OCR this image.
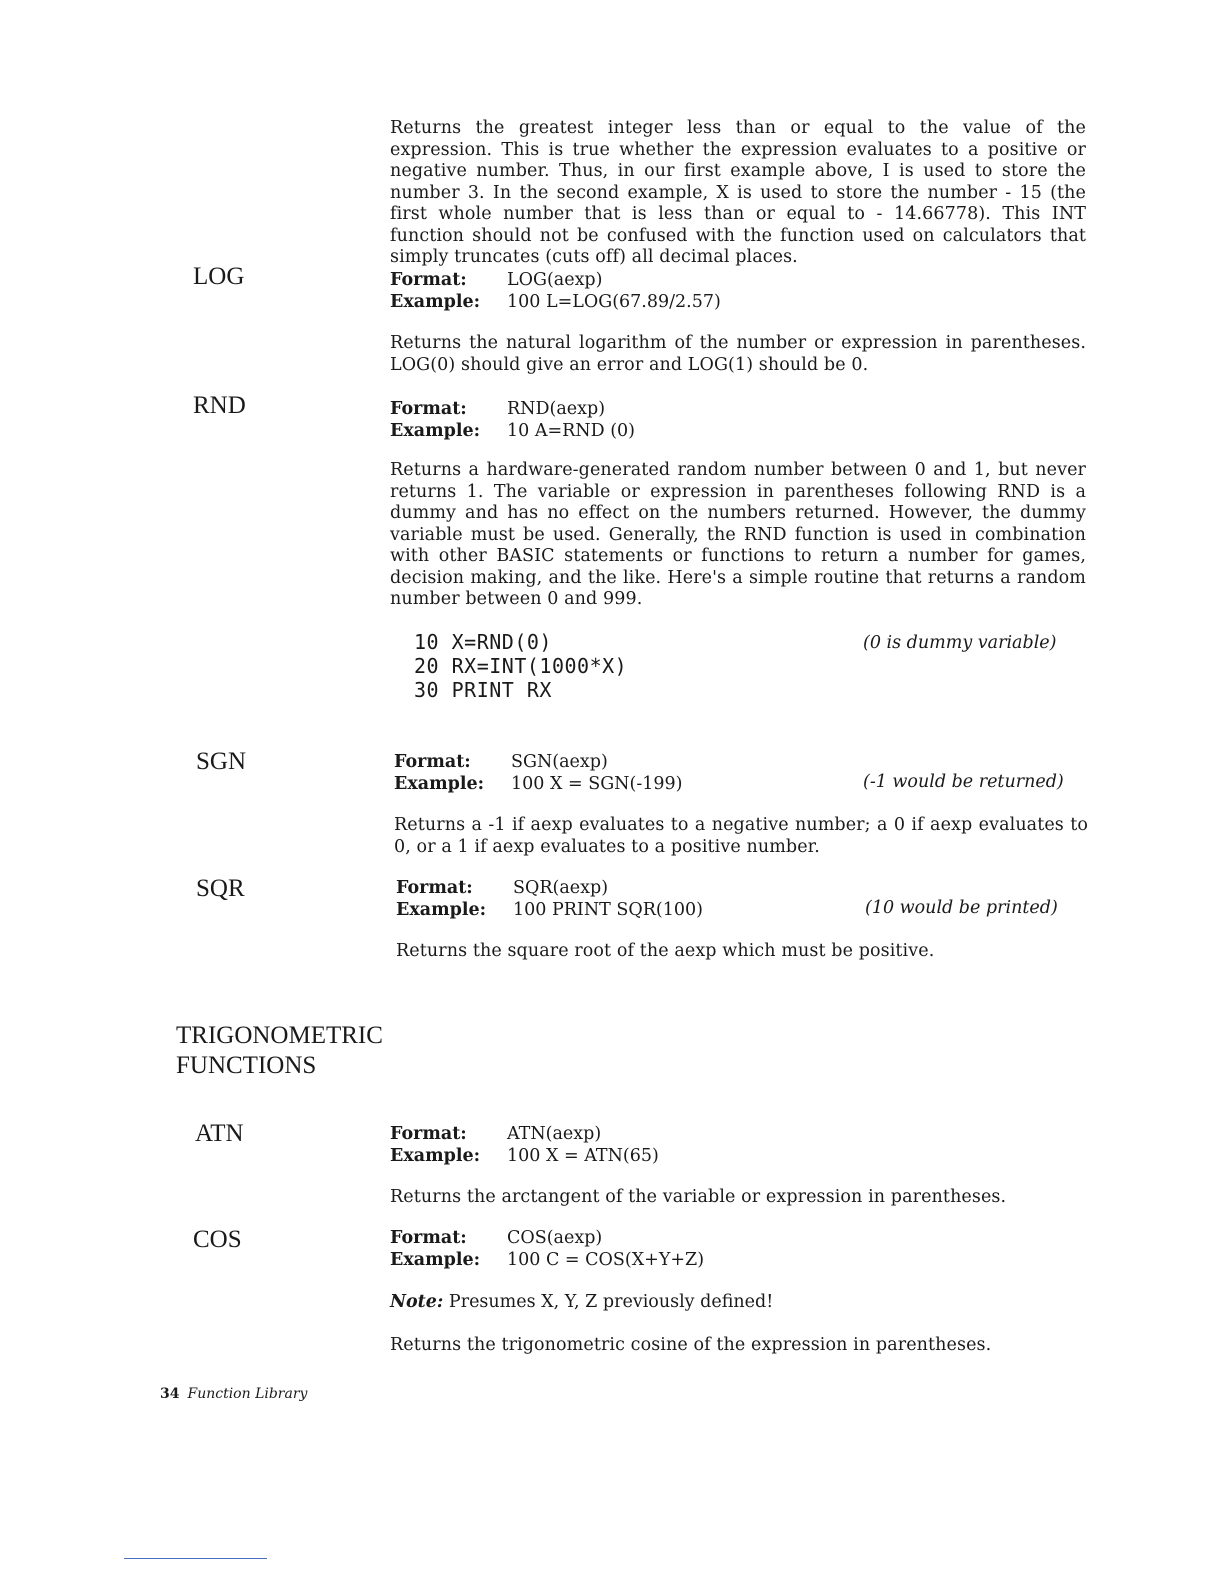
Returns the greatest integer less than or equal to the value of the expression. This is true whether the expression evaluates to a positive or negative number. Thus, in our first example above, I is used to store the number 3. In the second example, X is used to store the number - 15 (the first whole number that is less than or equal to - 14.66778). This INT function should not be confused with the function used on calculators that simply truncates (cuts off) all decimal places.
LOG	Format:	LOG(aexp)
Example:	100 L=LOG(67.89/2.57)
Returns the natural logarithm of the number or expression in parentheses. LOG(0) should give an error and LOG(1) should be 0.
RND	Format:	RND(aexp)
Example:	10 A=RND (0)
Returns a hardware-generated random number between 0 and 1, but never returns 1. The variable or expression in parentheses following RND is a dummy and has no effect on the numbers returned. However, the dummy variable must be used. Generally, the RND function is used in combination with other BASIC statements or functions to return a number for games, decision making, and the like. Here's a simple routine that returns a random number between 0 and 999.
10 X=RND(0)
20 RX=INT(1000*X)
30 PRINT RX
(0 is dummy variable)
SGN	Format:	SGN(aexp)
Example:	100 X = SGN(-199)	(-1 would be returned)
Returns a -1 if aexp evaluates to a negative number; a 0 if aexp evaluates to 0, or a 1 if aexp evaluates to a positive number.
SQR	Format:	SQR(aexp)
Example:	100 PRINT SQR(100)	(10 would be printed)
Returns the square root of the aexp which must be positive.
TRIGONOMETRIC
FUNCTIONS
ATN	Format:	ATN(aexp)
Example:	100 X = ATN(65)
Returns the arctangent of the variable or expression in parentheses.
COS	Format:	COS(aexp)
Example:	100 C = COS(X+Y+Z)
Note: Presumes X, Y, Z previously defined!
Returns the trigonometric cosine of the expression in parentheses.
34 Function Library
